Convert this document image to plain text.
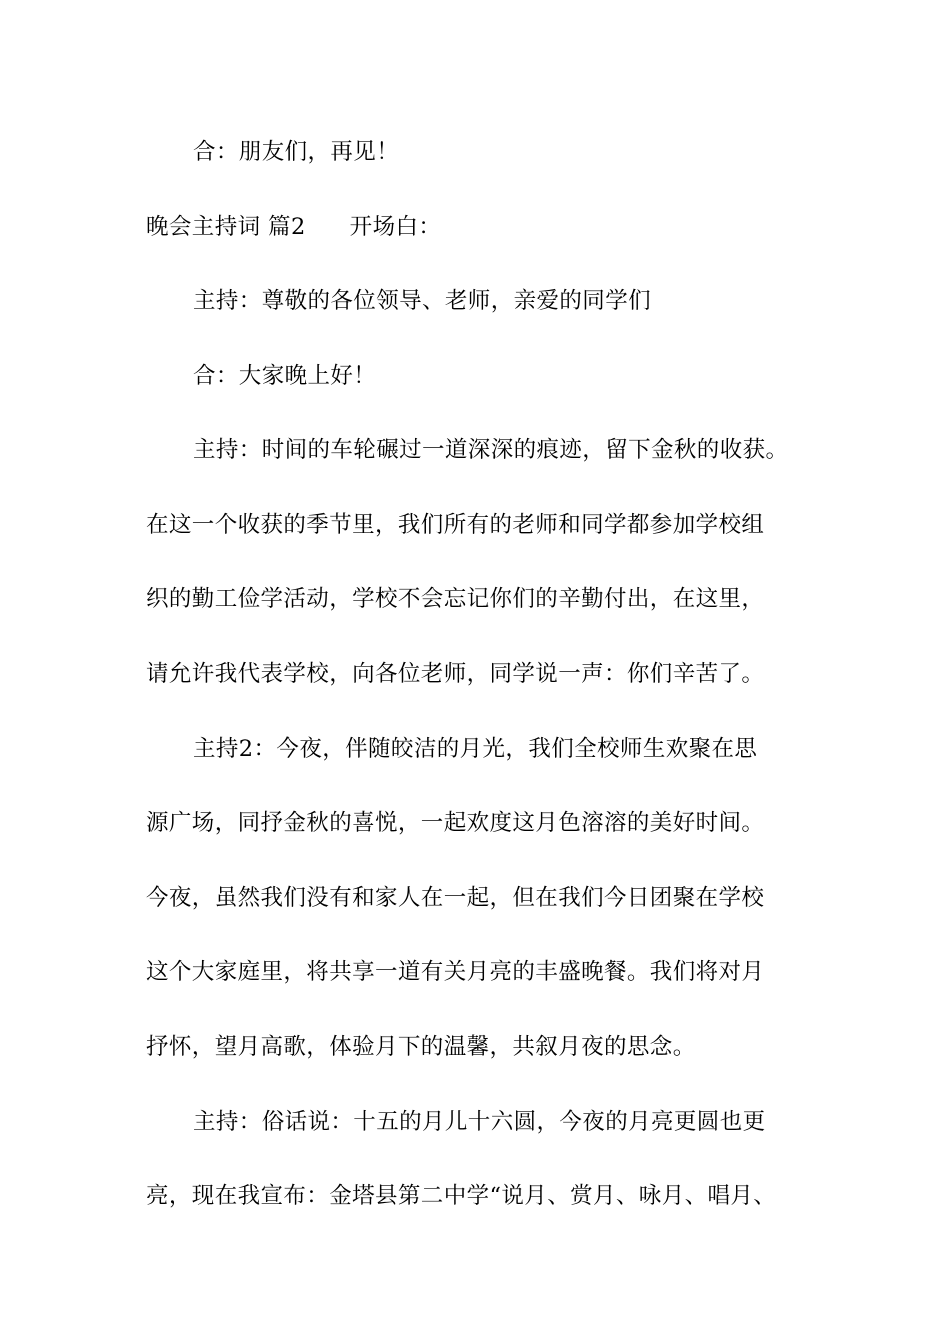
合：朋友们，再见！
晚会主持词 篇2 开场白：
主持：尊敬的各位领导、老师，亲爱的同学们
合：大家晚上好！
主持：时间的车轮碾过一道深深的痕迹，留下金秋的收获。
在这一个收获的季节里，我们所有的老师和同学都参加学校组
织的勤工俭学活动，学校不会忘记你们的辛勤付出，在这里，
请允许我代表学校，向各位老师，同学说一声：你们辛苦了。
主持2：今夜，伴随皎洁的月光，我们全校师生欢聚在思
源广场，同抒金秋的喜悦，一起欢度这月色溶溶的美好时间。
今夜，虽然我们没有和家人在一起，但在我们今日团聚在学校
这个大家庭里，将共享一道有关月亮的丰盛晚餐。我们将对月
抒怀，望月高歌，体验月下的温馨，共叙月夜的思念。
主持：俗话说：十五的月儿十六圆，今夜的月亮更圆也更
亮，现在我宣布：金塔县第二中学“说月、赏月、咏月、唱月、
